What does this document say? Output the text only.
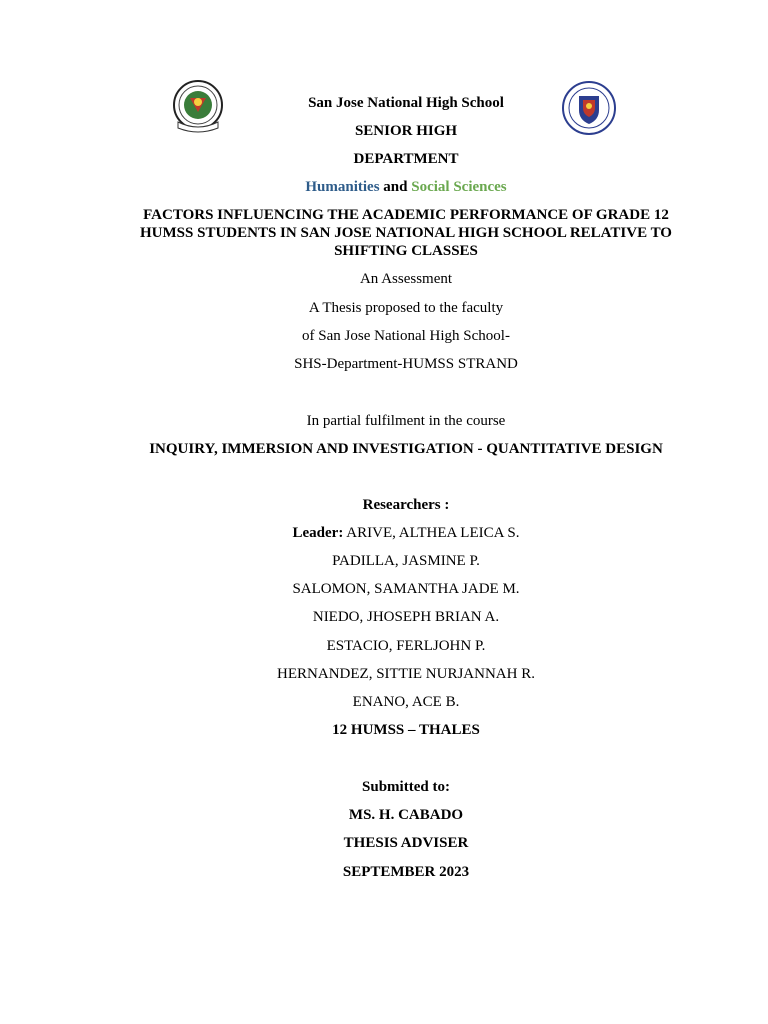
San Jose National High School
SENIOR HIGH
DEPARTMENT
Humanities and Social Sciences
FACTORS INFLUENCING THE ACADEMIC PERFORMANCE OF GRADE 12 HUMSS STUDENTS IN SAN JOSE NATIONAL HIGH SCHOOL RELATIVE TO SHIFTING CLASSES
An Assessment
A Thesis proposed to the faculty
of San Jose National High School-
SHS-Department-HUMSS STRAND
In partial fulfilment in the course
INQUIRY, IMMERSION AND INVESTIGATION - QUANTITATIVE DESIGN
Researchers :
Leader: ARIVE, ALTHEA LEICA S.
PADILLA, JASMINE P.
SALOMON, SAMANTHA JADE M.
NIEDO, JHOSEPH BRIAN A.
ESTACIO, FERLJOHN P.
HERNANDEZ, SITTIE NURJANNAH R.
ENANO, ACE B.
12 HUMSS – THALES
Submitted to:
MS. H. CABADO
THESIS ADVISER
SEPTEMBER 2023
